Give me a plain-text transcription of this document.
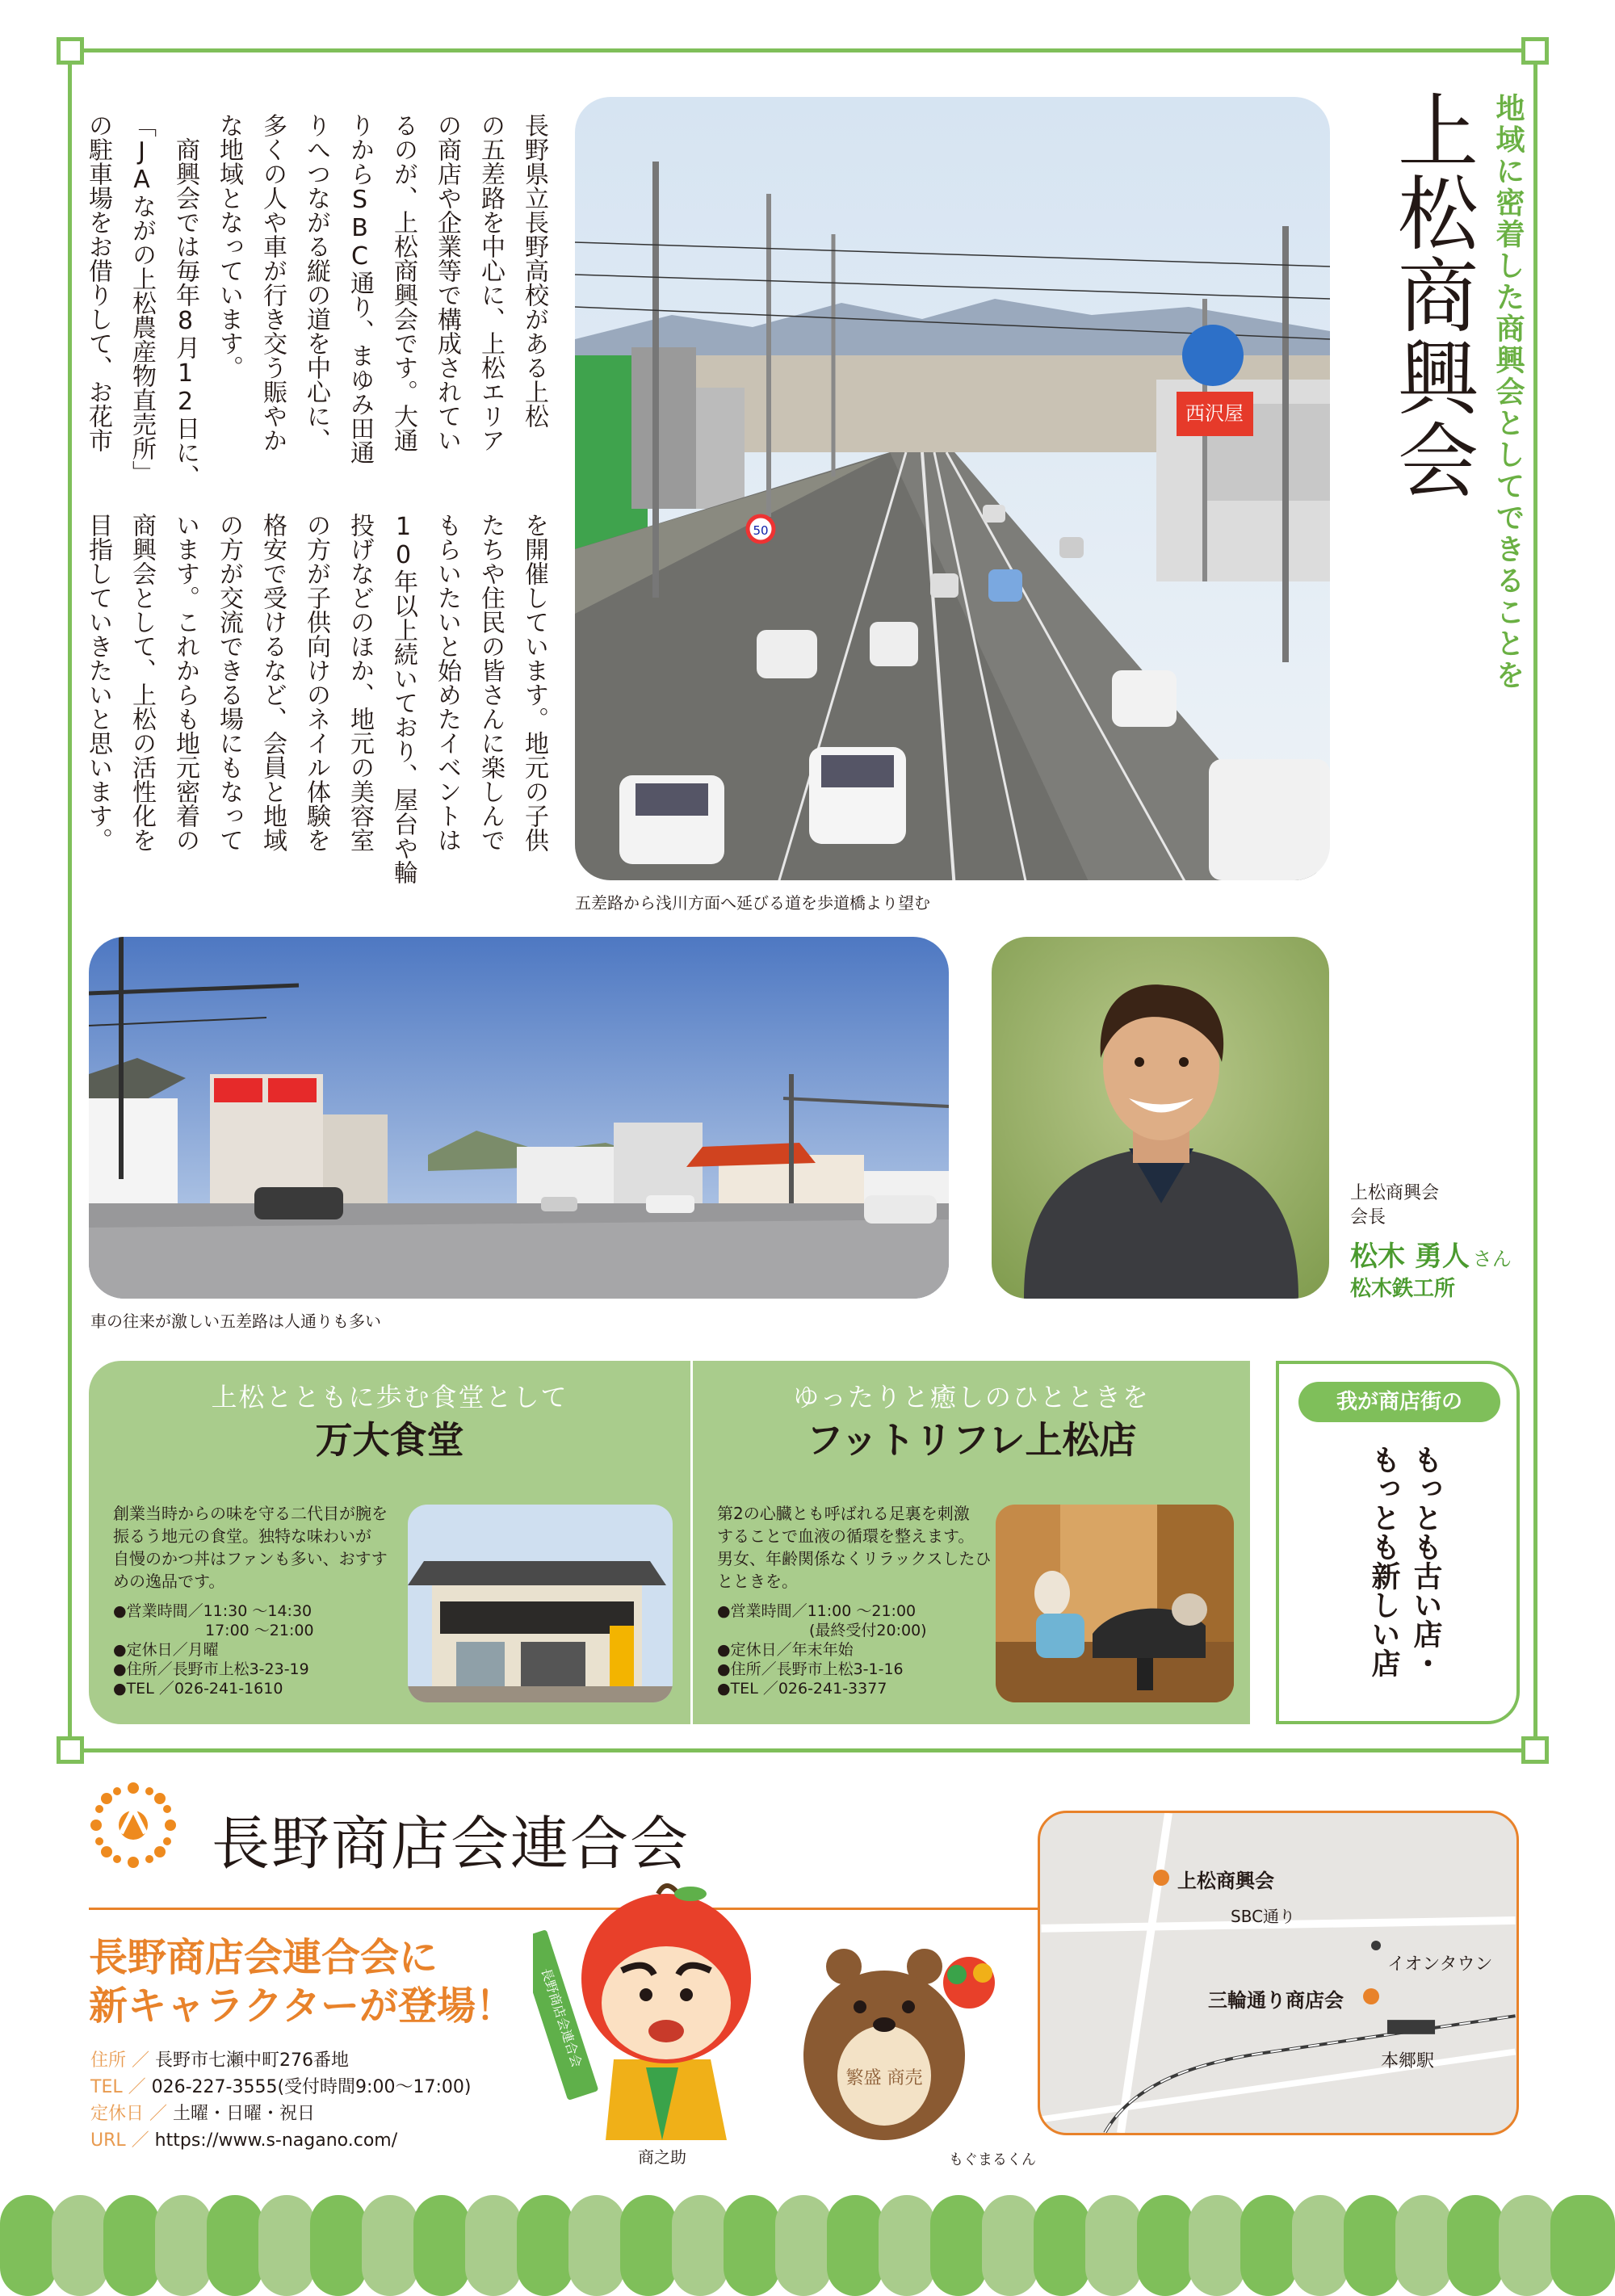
上松商興会 地域に密着した商興会としてできることを
長野県立長野高校がある上松
の五差路を中心に、上松エリア
の商店や企業等で構成されてい
るのが、上松商興会です。大通
りからSBC通り、まゆみ田通
りへつながる縦の道を中心に、
多くの人や車が行き交う賑やか
な地域となっています。
　商興会では毎年8月12日に、
「JAながの上松農産物直売所」
の駐車場をお借りして、お花市
を開催しています。地元の子供
たちや住民の皆さんに楽しんで
もらいたいと始めたイベントは
10年以上続いており、屋台や輪
投げなどのほか、地元の美容室
の方が子供向けのネイル体験を
格安で受けるなど、会員と地域
の方が交流できる場にもなって
います。これからも地元密着の
商興会として、上松の活性化を
目指していきたいと思います。
西沢屋
50
五差路から浅川方面へ延びる道を歩道橋より望む
車の往来が激しい五差路は人通りも多い
上松商興会
会長
松木 勇人 さん
松木鉄工所
上松とともに歩む食堂として
万大食堂
創業当時からの味を守る二代目が腕を
振るう地元の食堂。独特な味わいが
自慢のかつ丼はファンも多い、おすす
めの逸品です。
●営業時間／11:30 ～14:30
　　　　　　17:00 ～21:00
●定休日／月曜
●住所／長野市上松3-23-19
●TEL ／026-241-1610
ゆったりと癒しのひとときを
フットリフレ上松店
第2の心臓とも呼ばれる足裏を刺激
することで血液の循環を整えます。
男女、年齢関係なくリラックスしたひ
とときを。
●営業時間／11:00 ～21:00
　　　　　　(最終受付20:00)
●定休日／年末年始
●住所／長野市上松3-1-16
●TEL ／026-241-3377
我が商店街の
もっとも古い店・
もっとも新しい店
長野商店会連合会
長野商店会連合会に
新キャラクターが登場！
住所 ／ 長野市七瀬中町276番地
TEL ／ 026-227-3555(受付時間9:00～17:00)
定休日 ／ 土曜・日曜・祝日
URL ／ https://www.s-nagano.com/
長野商店会連合会
商之助
繁盛 商売
もぐまるくん
上松商興会
SBC通り
イオンタウン
三輪通り商店会
本郷駅
